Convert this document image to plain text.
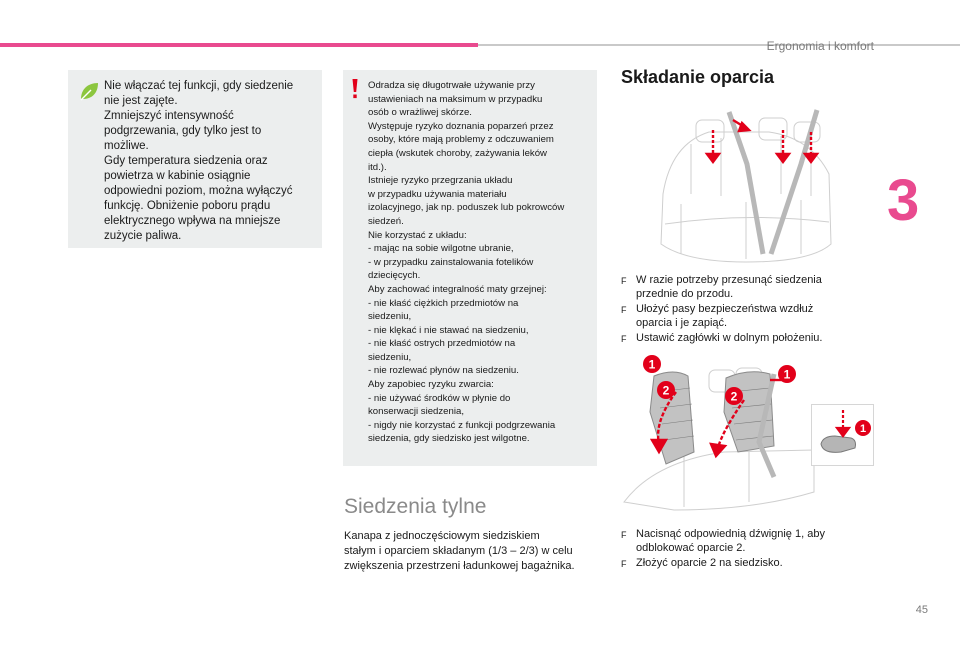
Ergonomia i komfort
3
Nie włączać tej funkcji, gdy siedzenie
nie jest zajęte.
Zmniejszyć intensywność
podgrzewania, gdy tylko jest to
możliwe.
Gdy temperatura siedzenia oraz
powietrza w kabinie osiągnie
odpowiedni poziom, można wyłączyć
funkcję. Obniżenie poboru prądu
elektrycznego wpływa na mniejsze
zużycie paliwa.
Odradza się długotrwałe używanie przy
ustawieniach na maksimum w przypadku
osób o wrażliwej skórze.
Występuje ryzyko doznania poparzeń przez
osoby, które mają problemy z odczuwaniem
ciepła (wskutek choroby, zażywania leków
itd.).
Istnieje ryzyko przegrzania układu
w przypadku używania materiału
izolacyjnego, jak np. poduszek lub pokrowców
siedzeń.
Nie korzystać z układu:
- mając na sobie wilgotne ubranie,
- w przypadku zainstalowania fotelików
dziecięcych.
Aby zachować integralność maty grzejnej:
- nie kłaść ciężkich przedmiotów na
siedzeniu,
- nie klękać i nie stawać na siedzeniu,
- nie kłaść ostrych przedmiotów na
siedzeniu,
- nie rozlewać płynów na siedzeniu.
Aby zapobiec ryzyku zwarcia:
- nie używać środków w płynie do
konserwacji siedzenia,
- nigdy nie korzystać z funkcji podgrzewania
siedzenia, gdy siedzisko jest wilgotne.
Siedzenia tylne
Kanapa z jednoczęściowym siedziskiem
stałym i oparciem składanym (1/3 – 2/3) w celu
zwiększenia przestrzeni ładunkowej bagażnika.
Składanie oparcia
F W razie potrzeby przesunąć siedzenia
przednie do przodu.
F Ułożyć pasy bezpieczeństwa wzdłuż
oparcia i je zapiąć.
F Ustawić zagłówki w dolnym położeniu.
1
2
1
2
1
F Nacisnąć odpowiednią dźwignię 1, aby
odblokować oparcie 2.
F Złożyć oparcie 2 na siedzisko.
45
